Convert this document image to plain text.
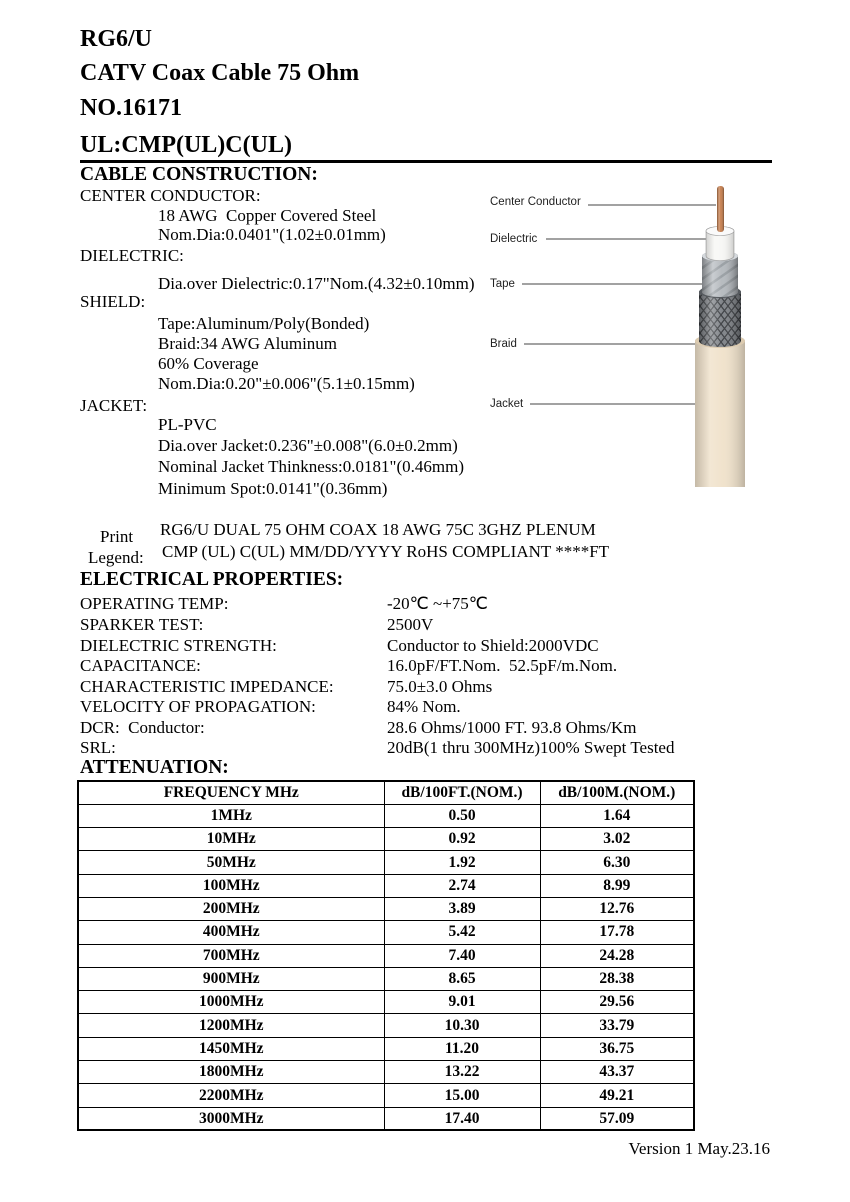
RG6/U
CATV Coax Cable 75 Ohm
NO.16171
UL:CMP(UL)C(UL)
CABLE CONSTRUCTION:
CENTER CONDUCTOR:
18 AWG  Copper Covered Steel
Nom.Dia:0.0401"(1.02±0.01mm)
DIELECTRIC:
Dia.over Dielectric:0.17"Nom.(4.32±0.10mm)
SHIELD:
Tape:Aluminum/Poly(Bonded)
Braid:34 AWG Aluminum
60% Coverage
Nom.Dia:0.20"±0.006"(5.1±0.15mm)
JACKET:
PL-PVC
Dia.over Jacket:0.236"±0.008"(6.0±0.2mm)
Nominal Jacket Thinkness:0.0181"(0.46mm)
Minimum Spot:0.0141"(0.36mm)
Center Conductor
Dielectric
Tape
Braid
Jacket
Print
Legend:
RG6/U DUAL 75 OHM COAX 18 AWG 75C 3GHZ PLENUM
CMP (UL) C(UL) MM/DD/YYYY RoHS COMPLIANT ****FT
ELECTRICAL PROPERTIES:
OPERATING TEMP:	-20℃ ~+75℃
SPARKER TEST:	2500V
DIELECTRIC STRENGTH:	Conductor to Shield:2000VDC
CAPACITANCE:	16.0pF/FT.Nom.  52.5pF/m.Nom.
CHARACTERISTIC IMPEDANCE:	75.0±3.0 Ohms
VELOCITY OF PROPAGATION:	84% Nom.
DCR:  Conductor:	28.6 Ohms/1000 FT. 93.8 Ohms/Km
SRL:	20dB(1 thru 300MHz)100% Swept Tested
ATTENUATION:
FREQUENCY MHz	dB/100FT.(NOM.)	dB/100M.(NOM.)
1MHz	0.50	1.64
10MHz	0.92	3.02
50MHz	1.92	6.30
100MHz	2.74	8.99
200MHz	3.89	12.76
400MHz	5.42	17.78
700MHz	7.40	24.28
900MHz	8.65	28.38
1000MHz	9.01	29.56
1200MHz	10.30	33.79
1450MHz	11.20	36.75
1800MHz	13.22	43.37
2200MHz	15.00	49.21
3000MHz	17.40	57.09
Version 1 May.23.16
